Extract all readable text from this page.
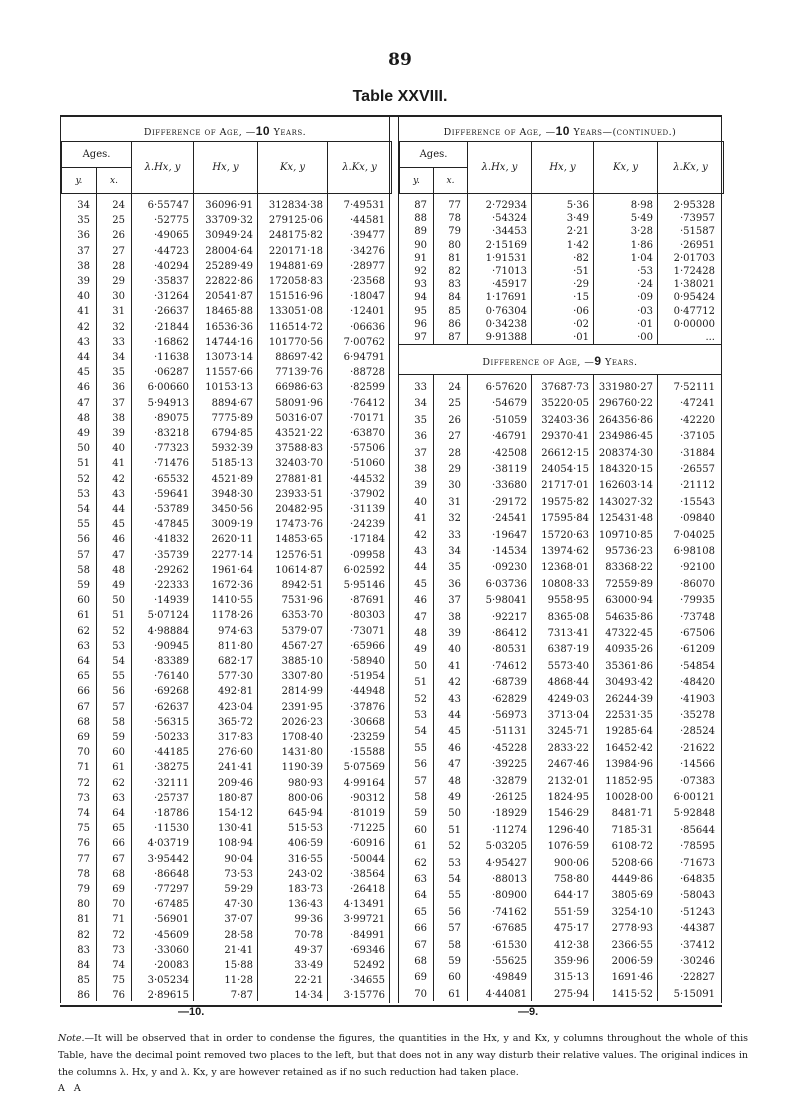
89
Table XXVIII.
Difference of Age, —10 Years.
Ages.		λ.Hx, y	Hx, y	Kx, y	λ.Kx, y
y.	x.				
34 24 6·55747 36096·91 312834·38 7·49531
35 25	·52775 33709·32 279125·06	·44581
36 26	·49065 30949·24 248175·82	·39477
37 27	·44723 28004·64 220171·18	·34276
38 28	·40294 25289·49 194881·69	·28977
39 29	·35837 22822·86 172058·83	·23568
40 30	·31264 20541·87 151516·96	·18047
41 31	·26637 18465·88 133051·08	·12401
42 32	·21844 16536·36 116514·72	·06636
43 33	·16862 14744·16 101770·56 7·00762
44 34	·11638 13073·14 88697·42 6·94791
45 35	·06287 11557·66 77139·76	·88728
46 36 6·00660 10153·13 66986·63	·82599
47 37 5·94913 8894·67 58091·96	·76412
48 38	·89075 7775·89 50316·07	·70171
49 39	·83218 6794·85 43521·22	·63870
50 40	·77323 5932·39 37588·83	·57506
51 41	·71476 5185·13 32403·70	·51060
52 42	·65532 4521·89 27881·81	·44532
53 43	·59641 3948·30 23933·51	·37902
54 44	·53789 3450·56 20482·95	·31139
55 45	·47845 3009·19 17473·76	·24239
56 46	·41832 2620·11 14853·65	·17184
57 47	·35739 2277·14 12576·51	·09958
58 48	·29262 1961·64 10614·87 6·02592
59 49	·22333 1672·36	8942·51 5·95146
60 50	·14939 1410·55	7531·96	·87691
61 51 5·07124 1178·26	6353·70	·80303
62 52 4·98884	974·63	5379·07	·73071
63 53	·90945	811·80	4567·27	·65966
64 54	·83389	682·17	3885·10	·58940
65 55	·76140	577·30	3307·80	·51954
66 56	·69268	492·81	2814·99	·44948
67 57	·62637	423·04	2391·95	·37876
68 58	·56315	365·72	2026·23	·30668
69 59	·50233	317·83	1708·40	·23259
70 60	·44185	276·60	1431·80	·15588
71 61	·38275	241·41	1190·39 5·07569
72 62	·32111	209·46	980·93 4·99164
73 63	·25737	180·87	800·06	·90312
74 64	·18786	154·12	645·94	·81019
75 65	·11530	130·41	515·53	·71225
76 66 4·03719	108·94	406·59	·60916
77 67 3·95442	90·04	316·55	·50044
78 68	·86648	73·53	243·02	·38564
79 69	·77297	59·29	183·73	·26418
80 70	·67485	47·30	136·43 4·13491
81 71	·56901	37·07	99·36 3·99721
82 72	·45609	28·58	70·78	·84991
83 73	·33060	21·41	49·37	·69346
84 74	·20083	15·88	33·49	52492
85 75 3·05234	11·28	22·21	·34655
86 76 2·89615	7·87	14·34 3·15776
Difference of Age, —10 Years—(continued.)
Ages.		λ.Hx, y	Hx, y	Kx, y	λ.Kx, y
y.	x.				
87 77 2·72934	5·36	8·98 2·95328
88 78	·54324	3·49	5·49	·73957
89 79	·34453	2·21	3·28	·51587
90 80 2·15169	1·42	1·86	·26951
91 81 1·91531	·82	1·04 2·01703
92 82	·71013	·51	·53 1·72428
93 83	·45917	·29	·24 1·38021
94 84 1·17691	·15	·09 0·95424
95 85 0·76304	·06	·03 0·47712
96 86 0·34238	·02	·01 0·00000
97 87 9·91388	·01	·00	...
Difference of Age, —9 Years.
33 24 6·57620 37687·73 331980·27 7·52111
34 25	·54679 35220·05 296760·22	·47241
35 26	·51059 32403·36 264356·86	·42220
36 27	·46791 29370·41 234986·45	·37105
37 28	·42508 26612·15 208374·30	·31884
38 29	·38119 24054·15 184320·15	·26557
39 30	·33680 21717·01 162603·14	·21112
40 31	·29172 19575·82 143027·32	·15543
41 32	·24541 17595·84 125431·48	·09840
42 33	·19647 15720·63 109710·85 7·04025
43 34	·14534 13974·62 95736·23 6·98108
44 35	·09230 12368·01 83368·22	·92100
45 36 6·03736 10808·33 72559·89	·86070
46 37 5·98041 9558·95 63000·94	·79935
47 38	·92217 8365·08 54635·86	·73748
48 39	·86412 7313·41 47322·45	·67506
49 40	·80531 6387·19 40935·26	·61209
50 41	·74612 5573·40 35361·86	·54854
51 42	·68739 4868·44 30493·42	·48420
52 43	·62829 4249·03 26244·39	·41903
53 44	·56973 3713·04 22531·35	·35278
54 45	·51131 3245·71 19285·64	·28524
55 46	·45228 2833·22 16452·42	·21622
56 47	·39225 2467·46 13984·96	·14566
57 48	·32879 2132·01 11852·95	·07383
58 49	·26125 1824·95 10028·00 6·00121
59 50	·18929 1546·29 8481·71 5·92848
60 51	·11274 1296·40 7185·31	·85644
61 52 5·03205 1076·59 6108·72	·78595
62 53 4·95427	900·06 5208·66	·71673
63 54	·88013	758·80 4449·86	·64835
64 55	·80900	644·17 3805·69	·58043
65 56	·74162	551·59 3254·10	·51243
66 57	·67685	475·17 2778·93	·44387
67 58	·61530	412·38 2366·55	·37412
68 59	·55625	359·96 2006·59	·30246
69 60	·49849	315·13 1691·46	·22827
70 61 4·44081	275·94 1415·52 5·15091
—10.	—9.
Note.—It will be observed that in order to condense the figures, the quantities in the Hx, y and Kx, y columns throughout the whole of this Table, have the decimal point removed two places to the left, but that does not in any way disturb their relative values. The original indices in the columns λ. Hx, y and λ. Kx, y are however retained as if no such reduction had taken place.
A A
